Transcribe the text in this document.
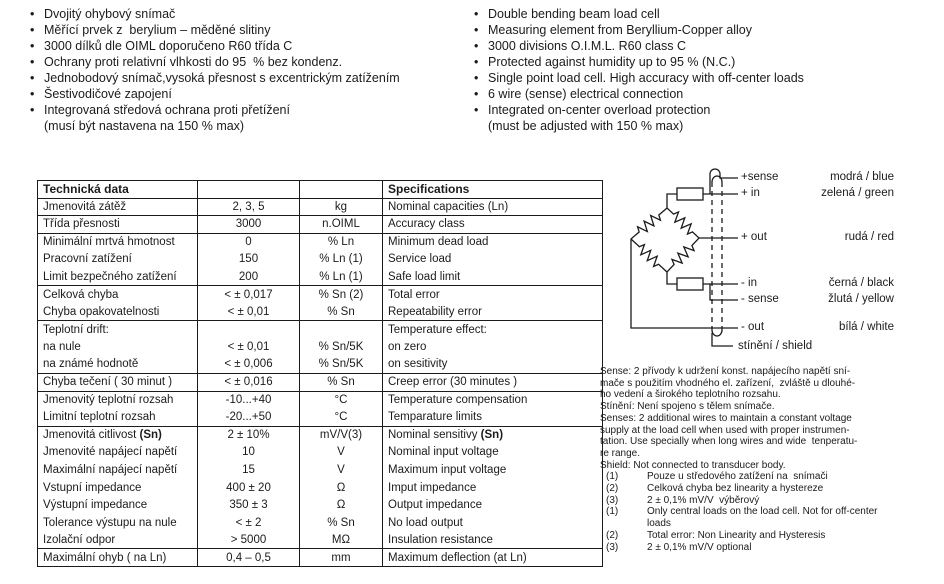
• Dvojitý ohybový snímač
• Měřící prvek z  berylium – měděné slitiny
• 3000 dílků dle OIML doporučeno R60 třída C
• Ochrany proti relativní vlhkosti do 95  % bez kondenz.
• Jednobodový snímač,vysoká přesnost s excentrickým zatížením
• Šestivodičové zapojení
• Integrovaná středová ochrana proti přetížení
(musí být nastavena na 150 % max)
• Double bending beam load cell
• Measuring element from Beryllium-Copper alloy
• 3000 divisions O.I.M.L. R60 class C
• Protected against humidity up to 95 % (N.C.)
• Single point load cell. High accuracy with off-center loads
• 6 wire (sense) electrical connection
• Integrated on-center overload protection
(must be adjusted with 150 % max)
Technická data			Specifications
Jmenovitá zátěž	2, 3, 5	kg	Nominal capacities (Ln)
Třída přesnosti	3000	n.OIML	Accuracy class
Minimální mrtvá hmotnost	0	% Ln	Minimum dead load
Pracovní zatížení	150	% Ln (1)	Service load
Limit bezpečného zatížení	200	% Ln (1)	Safe load limit
Celková chyba	< ± 0,017	% Sn (2)	Total error
Chyba opakovatelnosti	< ± 0,01	% Sn	Repeatability error
Teplotní drift:			Temperature effect:
na nule	< ± 0,01	% Sn/5K	on zero
na známé hodnotě	< ± 0,006	% Sn/5K	on sesitivity
Chyba tečení ( 30 minut )	< ± 0,016	% Sn	Creep error (30 minutes )
Jmenovitý teplotní rozsah	-10...+40	°C	Temperature compensation
Limitní teplotní rozsah	-20...+50	°C	Temparature limits
Jmenovitá citlivost (Sn)	2 ± 10%	mV/V(3)	Nominal sensitivy (Sn)
Jmenovité napájecí napětí	10	V	Nominal input voltage
Maximální napájecí napětí	15	V	Maximum input voltage
Vstupní impedance	400 ± 20	Ω	Imput impedance
Výstupní impedance	350 ± 3	Ω	Output impedance
Tolerance výstupu na nule	< ± 2	% Sn	No load output
Izolační odpor	> 5000	MΩ	Insulation resistance
Maximální ohyb ( na Ln)	0,4 – 0,5	mm	Maximum deflection (at Ln)
+sense
+ in
+ out
- in
- sense
- out
stínění / shield
modrá / blue
zelená / green
rudá / red
černá / black
žlutá / yellow
bílá / white
Sense: 2 přívody k udržení konst. napájecího napětí sní-
mače s použitím vhodného el. zařízení,  zvláště u dlouhé-
ho vedení a širokého teplotního rozsahu.
Stínění: Není spojeno s tělem snímače.
Senses: 2 additional wires to maintain a constant voltage
supply at the load cell when used with proper instrumen-
tation. Use specially when long wires and wide  tenperatu-
re range.
Shield: Not connected to transducer body.
(1)	Pouze u středového zatížení na  snímači
(2)	Celková chyba bez linearity a hystereze
(3)	2 ± 0,1% mV/V  výběrový
(1)	Only central loads on the load cell. Not for off-center
loads
(2)	Total error: Non Linearity and Hysteresis
(3)	2 ± 0,1% mV/V optional
